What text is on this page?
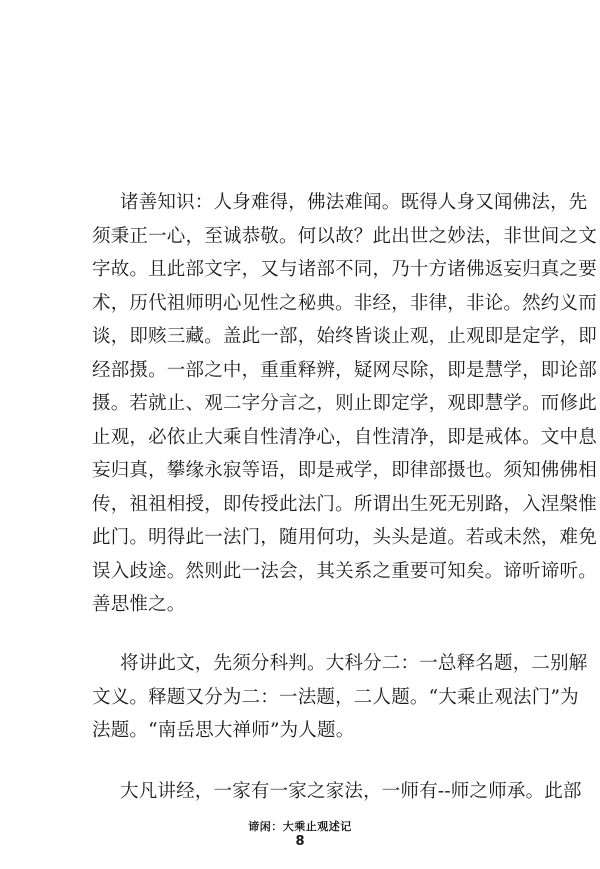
诸善知识：人身难得，佛法难闻。既得人身又闻佛法，先
须秉正一心，至诚恭敬。何以故？此出世之妙法，非世间之文
字故。且此部文字，又与诸部不同，乃十方诸佛返妄归真之要
术，历代祖师明心见性之秘典。非经，非律，非论。然约义而
谈，即赅三藏。盖此一部，始终皆谈止观，止观即是定学，即
经部摄。一部之中，重重释辨，疑网尽除，即是慧学，即论部
摄。若就止、观二字分言之，则止即定学，观即慧学。而修此
止观，必依止大乘自性清净心，自性清净，即是戒体。文中息
妄归真，攀缘永寂等语，即是戒学，即律部摄也。须知佛佛相
传，祖祖相授，即传授此法门。所谓出生死无别路，入涅槃惟
此门。明得此一法门，随用何功，头头是道。若或未然，难免
误入歧途。然则此一法会，其关系之重要可知矣。谛听谛听。
善思惟之。
将讲此文，先须分科判。大科分二：一总释名题，二别解
文义。释题又分为二：一法题，二人题。“大乘止观法门”为
法题。“南岳思大禅师”为人题。
大凡讲经，一家有一家之家法，一师有--师之师承。此部
谛闲：大乘止观述记
8
